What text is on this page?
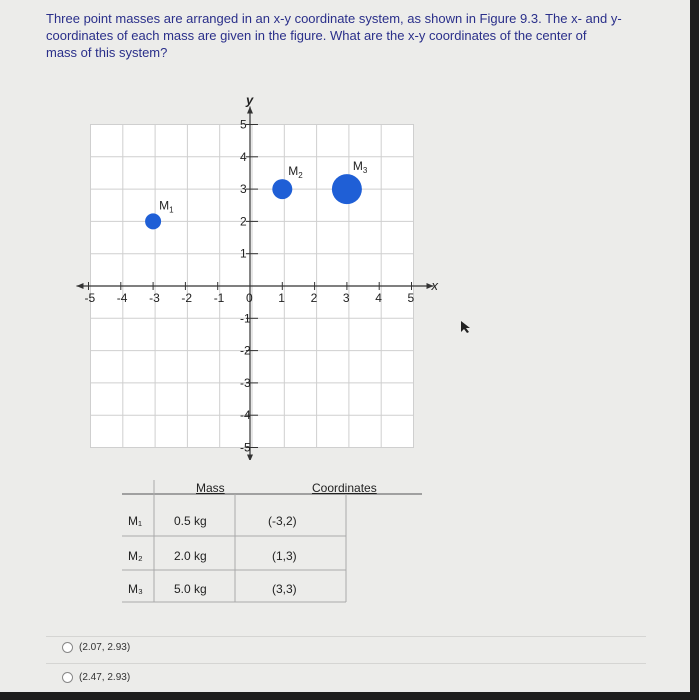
Three point masses are arranged in an x-y coordinate system, as shown in Figure 9.3. The x- and y-
coordinates of each mass are given in the figure. What are the x-y coordinates of the center of
mass of this system?
x
y
-5 -4 -3 -2 -1 0 1 2 3 4 5
5
4
3
2
1
-1
-2
-3
-4
-5
$M_1$
$M_2$
$M_3$
Mass	Coordinates
M₁	0.5 kg	(-3,2)
M₂	2.0 kg	(1,3)
M₃	5.0 kg	(3,3)
(2.07, 2.93)
(2.47, 2.93)
